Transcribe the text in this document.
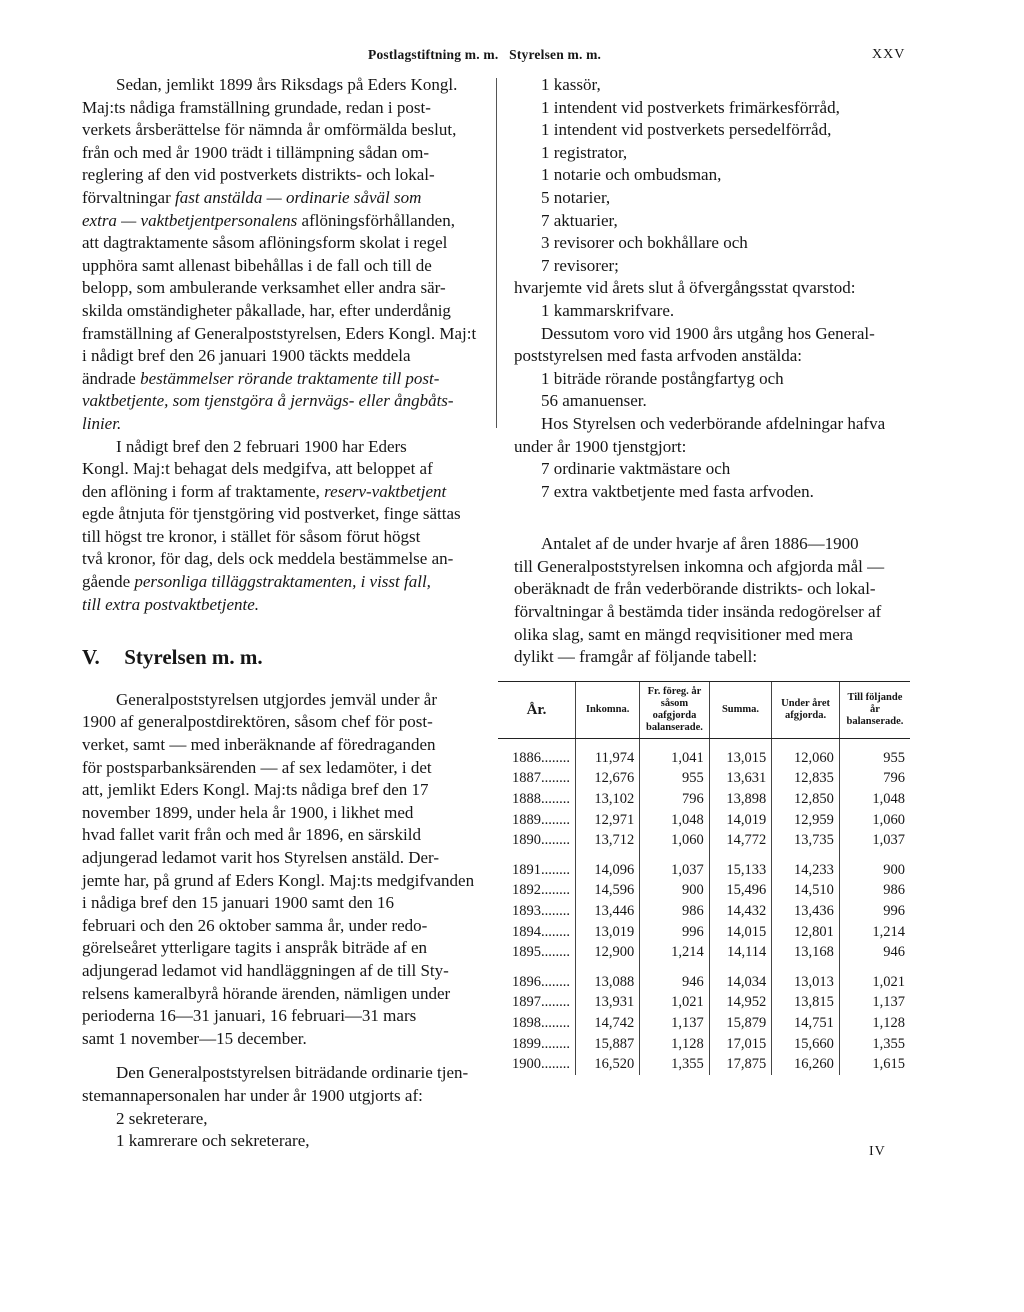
Postlagstiftning m. m.   Styrelsen m. m.	XXV

Sedan, jemlikt 1899 års Riksdags på Eders Kongl.
Maj:ts nådiga framställning grundade, redan i post-
verkets årsberättelse för nämnda år omförmälda beslut,
från och med år 1900 trädt i tillämpning sådan om-
reglering af den vid postverkets distrikts- och lokal-
förvaltningar fast anstälda — ordinarie såväl som
extra — vaktbetjentpersonalens aflöningsförhållanden,
att dagtraktamente såsom aflöningsform skolat i regel
upphöra samt allenast bibehållas i de fall och till de
belopp, som ambulerande verksamhet eller andra sär-
skilda omständigheter påkallade, har, efter underdånig
framställning af Generalpoststyrelsen, Eders Kongl. Maj:t
i nådigt bref den 26 januari 1900 täckts meddela
ändrade bestämmelser rörande traktamente till post-
vaktbetjente, som tjenstgöra å jernvägs- eller ångbåts-
linier.

I nådigt bref den 2 februari 1900 har Eders
Kongl. Maj:t behagat dels medgifva, att beloppet af
den aflöning i form af traktamente, reserv-vaktbetjent
egde åtnjuta för tjenstgöring vid postverket, finge sättas
till högst tre kronor, i stället för såsom förut högst
två kronor, för dag, dels ock meddela bestämmelse an-
gående personliga tilläggstraktamenten, i visst fall,
till extra postvaktbetjente.

V. Styrelsen m. m.

Generalpoststyrelsen utgjordes jemväl under år
1900 af generalpostdirektören, såsom chef för post-
verket, samt — med inberäknande af föredraganden
för postsparbanksärenden — af sex ledamöter, i det
att, jemlikt Eders Kongl. Maj:ts nådiga bref den 17
november 1899, under hela år 1900, i likhet med
hvad fallet varit från och med år 1896, en särskild
adjungerad ledamot varit hos Styrelsen anstäld. Der-
jemte har, på grund af Eders Kongl. Maj:ts medgifvanden
i nådiga bref den 15 januari 1900 samt den 16
februari och den 26 oktober samma år, under redo-
görelseåret ytterligare tagits i anspråk biträde af en
adjungerad ledamot vid handläggningen af de till Sty-
relsens kameralbyrå hörande ärenden, nämligen under
perioderna 16—31 januari, 16 februari—31 mars
samt 1 november—15 december.

Den Generalpoststyrelsen biträdande ordinarie tjen-
stemannapersonalen har under år 1900 utgjorts af:

2 sekreterare,
1 kamrerare och sekreterare,
1 kassör,
1 intendent vid postverkets frimärkesförråd,
1 intendent vid postverkets persedelförråd,
1 registrator,
1 notarie och ombudsman,
5 notarier,
7 aktuarier,
3 revisorer och bokhållare och
7 revisorer;
hvarjemte vid årets slut å öfvergångsstat qvarstod:
1 kammarskrifvare.

Dessutom voro vid 1900 års utgång hos General-
poststyrelsen med fasta arfvoden anstälda:

1 biträde rörande postångfartyg och
56 amanuenser.

Hos Styrelsen och vederbörande afdelningar hafva
under år 1900 tjenstgjort:

7 ordinarie vaktmästare och
7 extra vaktbetjente med fasta arfvoden.

Antalet af de under hvarje af åren 1886—1900
till Generalpoststyrelsen inkomna och afgjorda mål —
oberäknadt de från vederbörande distrikts- och lokal-
förvaltningar å bestämda tider insända redogörelser af
olika slag, samt en mängd reqvisitioner med mera
dylikt — framgår af följande tabell:

År.	Inkomna.	Fr. föreg. år såsom oafgjorda balanserade.	Summa.	Under året afgjorda.	Till följande år balanserade.

1886........	11,974	1,041	13,015	12,060	955
1887........	12,676	955	13,631	12,835	796
1888........	13,102	796	13,898	12,850	1,048
1889........	12,971	1,048	14,019	12,959	1,060
1890........	13,712	1,060	14,772	13,735	1,037

1891........	14,096	1,037	15,133	14,233	900
1892........	14,596	900	15,496	14,510	986
1893........	13,446	986	14,432	13,436	996
1894........	13,019	996	14,015	12,801	1,214
1895........	12,900	1,214	14,114	13,168	946

1896........	13,088	946	14,034	13,013	1,021
1897........	13,931	1,021	14,952	13,815	1,137
1898........	14,742	1,137	15,879	14,751	1,128
1899........	15,887	1,128	17,015	15,660	1,355
1900........	16,520	1,355	17,875	16,260	1,615
IV
